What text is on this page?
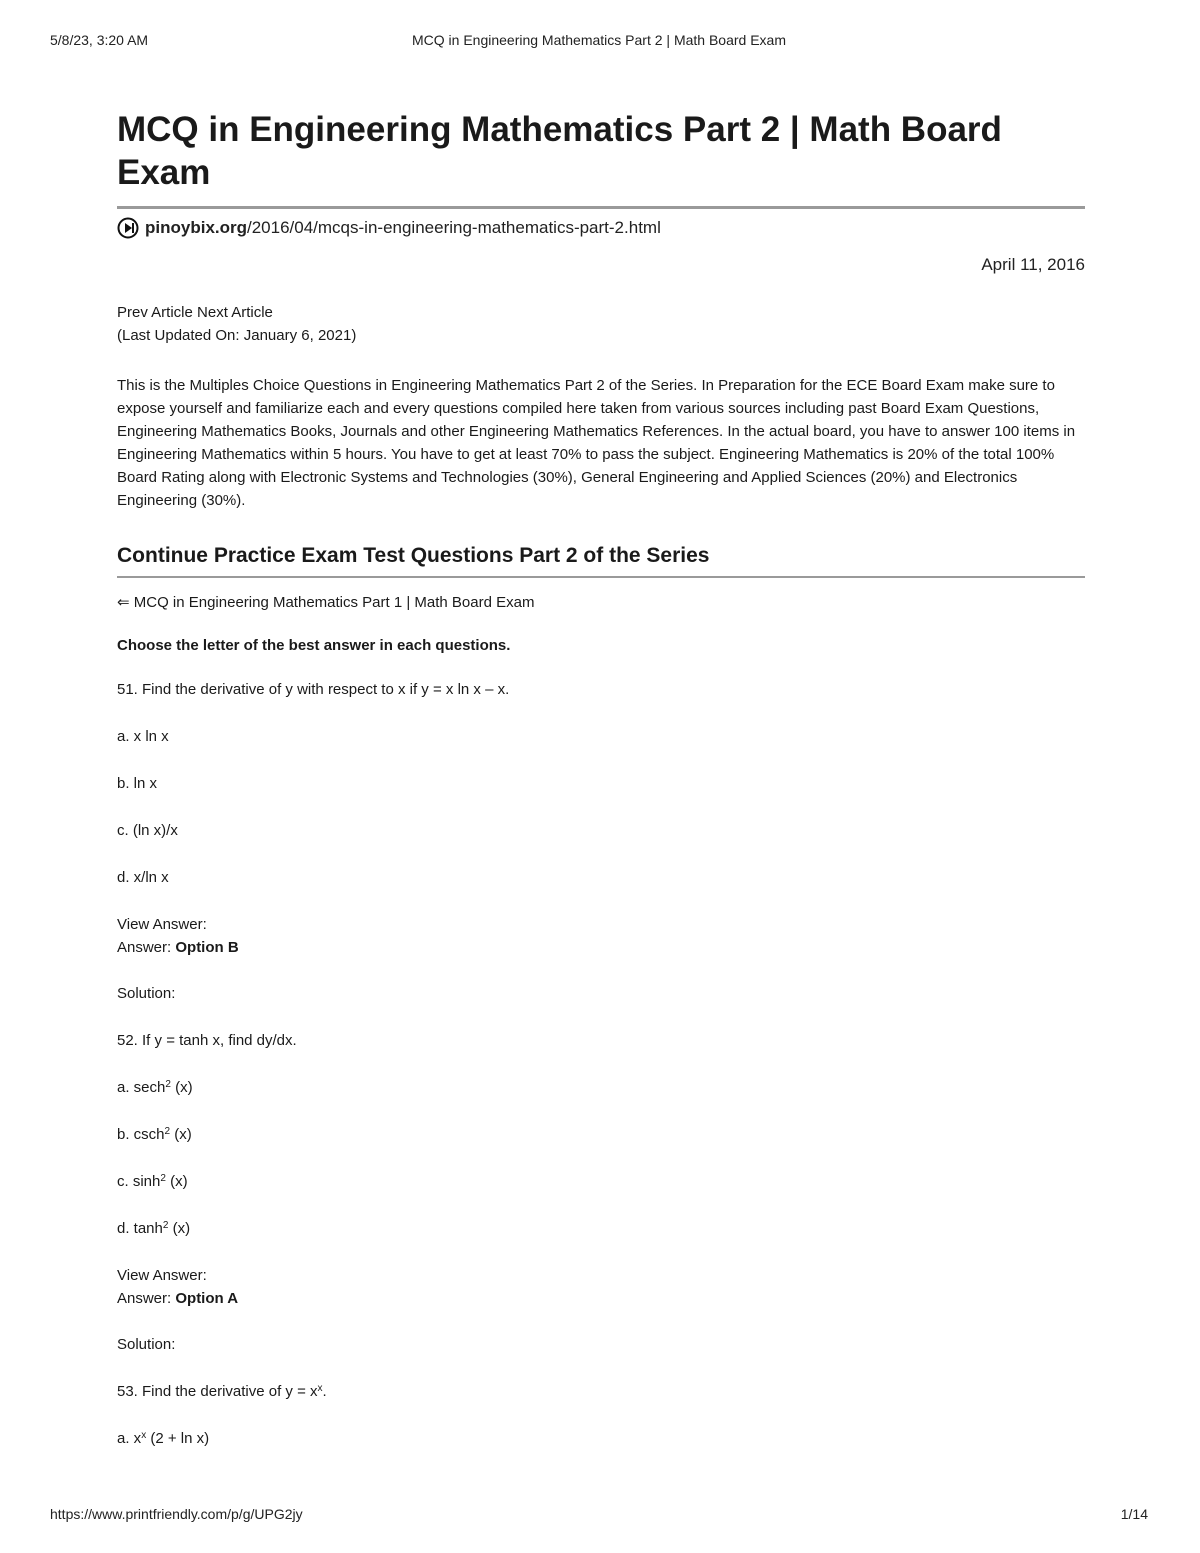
5/8/23, 3:20 AM	MCQ in Engineering Mathematics Part 2 | Math Board Exam
MCQ in Engineering Mathematics Part 2 | Math Board Exam
pinoybix.org /2016/04/mcqs-in-engineering-mathematics-part-2.html
April 11, 2016
Prev Article Next Article
(Last Updated On: January 6, 2021)
This is the Multiples Choice Questions in Engineering Mathematics Part 2 of the Series. In Preparation for the ECE Board Exam make sure to expose yourself and familiarize each and every questions compiled here taken from various sources including past Board Exam Questions, Engineering Mathematics Books, Journals and other Engineering Mathematics References. In the actual board, you have to answer 100 items in Engineering Mathematics within 5 hours. You have to get at least 70% to pass the subject. Engineering Mathematics is 20% of the total 100% Board Rating along with Electronic Systems and Technologies (30%), General Engineering and Applied Sciences (20%) and Electronics Engineering (30%).
Continue Practice Exam Test Questions Part 2 of the Series
⇐ MCQ in Engineering Mathematics Part 1 | Math Board Exam
Choose the letter of the best answer in each questions.
51. Find the derivative of y with respect to x if y = x ln x – x.
a. x ln x
b. ln x
c. (ln x)/x
d. x/ln x
View Answer:
Answer: Option B
Solution:
52. If y = tanh x, find dy/dx.
a. sech$^2$ (x)
b. csch$^2$ (x)
c. $\sinh^2 (x)$
d. $\tanh^2 (x)$
View Answer:
Answer: Option A
Solution:
53. Find the derivative of $y = x^x$.
a. $x^x$ (2 + ln x)
https://www.printfriendly.com/p/g/UPG2jy	1/14
